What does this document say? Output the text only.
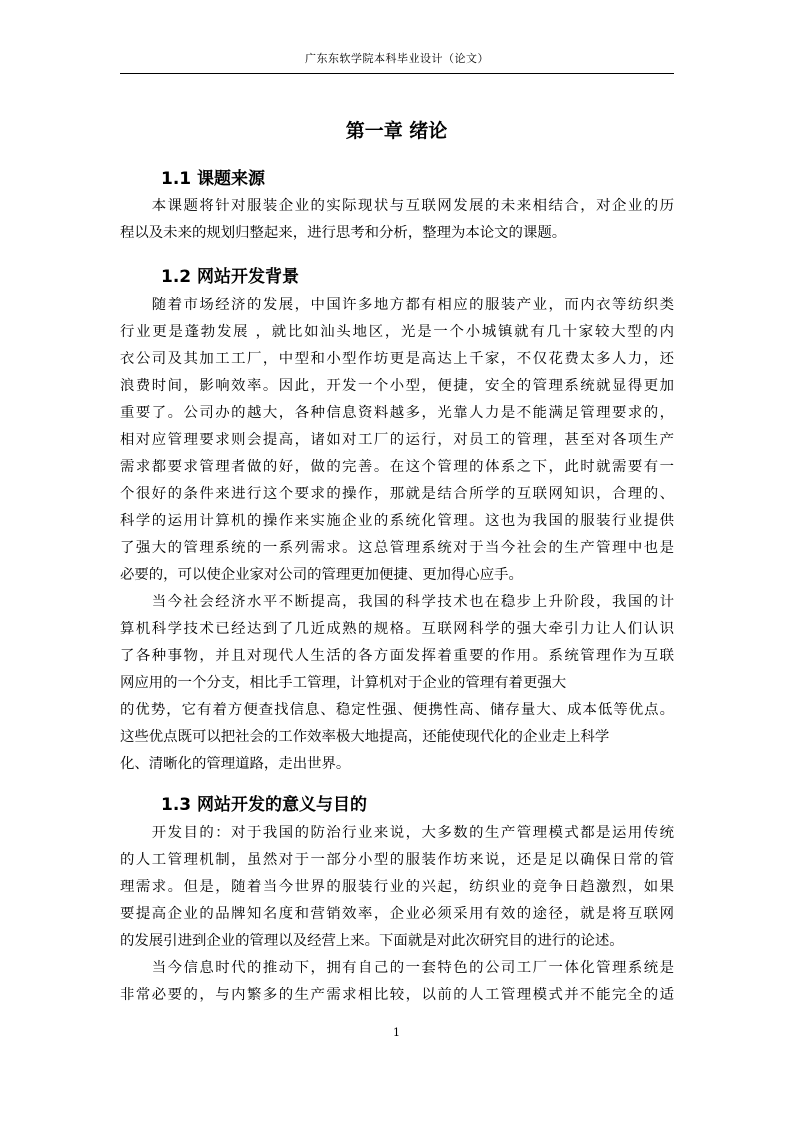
广东东软学院本科毕业设计（论文）
第一章 绪论
1.1 课题来源
　　本课题将针对服装企业的实际现状与互联网发展的未来相结合，对企业的历
程以及未来的规划归整起来，进行思考和分析，整理为本论文的课题。
1.2 网站开发背景
　　随着市场经济的发展，中国许多地方都有相应的服装产业，而内衣等纺织类
行业更是蓬勃发展 ，就比如汕头地区，光是一个小城镇就有几十家较大型的内
衣公司及其加工工厂，中型和小型作坊更是高达上千家，不仅花费太多人力，还
浪费时间，影响效率。因此，开发一个小型，便捷，安全的管理系统就显得更加
重要了。公司办的越大，各种信息资料越多，光靠人力是不能满足管理要求的，
相对应管理要求则会提高，诸如对工厂的运行，对员工的管理，甚至对各项生产
需求都要求管理者做的好，做的完善。在这个管理的体系之下，此时就需要有一
个很好的条件来进行这个要求的操作，那就是结合所学的互联网知识，合理的、
科学的运用计算机的操作来实施企业的系统化管理。这也为我国的服装行业提供
了强大的管理系统的一系列需求。这总管理系统对于当今社会的生产管理中也是
必要的，可以使企业家对公司的管理更加便捷、更加得心应手。
　　当今社会经济水平不断提高，我国的科学技术也在稳步上升阶段，我国的计
算机科学技术已经达到了几近成熟的规格。互联网科学的强大牵引力让人们认识
了各种事物，并且对现代人生活的各方面发挥着重要的作用。系统管理作为互联
网应用的一个分支，相比手工管理，计算机对于企业的管理有着更强大
的优势，它有着方便查找信息、稳定性强、便携性高、储存量大、成本低等优点。
这些优点既可以把社会的工作效率极大地提高，还能使现代化的企业走上科学
化、清晰化的管理道路，走出世界。
1.3 网站开发的意义与目的
　　开发目的：对于我国的防治行业来说，大多数的生产管理模式都是运用传统
的人工管理机制，虽然对于一部分小型的服装作坊来说，还是足以确保日常的管
理需求。但是，随着当今世界的服装行业的兴起，纺织业的竞争日趋激烈，如果
要提高企业的品牌知名度和营销效率，企业必须采用有效的途径，就是将互联网
的发展引进到企业的管理以及经营上来。下面就是对此次研究目的进行的论述。
　　当今信息时代的推动下，拥有自己的一套特色的公司工厂一体化管理系统是
非常必要的，与内繁多的生产需求相比较，以前的人工管理模式并不能完全的适
1
